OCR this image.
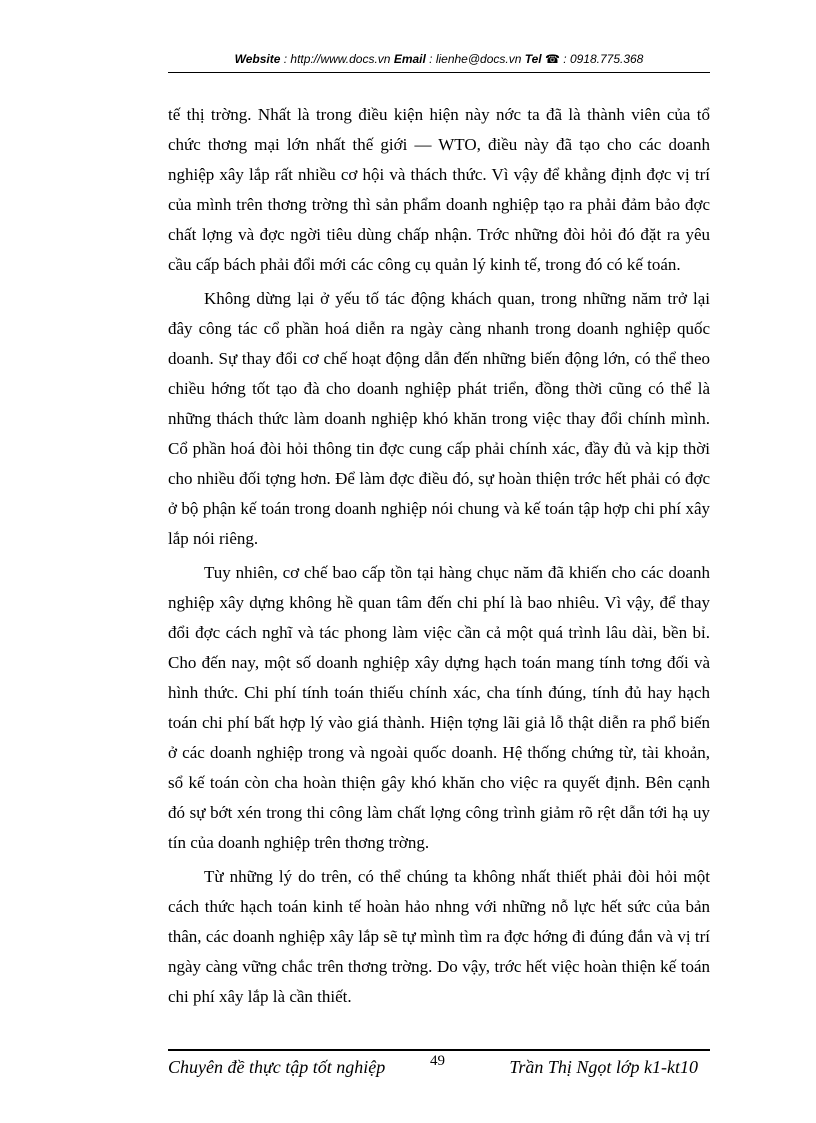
Website : http://www.docs.vn Email : lienhe@docs.vn Tel ☎ : 0918.775.368

tế thị trờng. Nhất là trong điều kiện hiện này nớc ta đã là thành viên của tổ chức thơng mại lớn nhất thế giới — WTO, điều này đã tạo cho các doanh nghiệp xây lắp rất nhiều cơ hội và thách thức. Vì vậy để khẳng định đợc vị trí của mình trên thơng trờng thì sản phẩm doanh nghiệp tạo ra phải đảm bảo đợc chất lợng và đợc ngời tiêu dùng chấp nhận. Trớc những đòi hỏi đó đặt ra yêu cầu cấp bách phải đổi mới các công cụ quản lý kinh tế, trong đó có kế toán.

Không dừng lại ở yếu tố tác động khách quan, trong những năm trở lại đây công tác cổ phần hoá diễn ra ngày càng nhanh trong doanh nghiệp quốc doanh. Sự thay đổi cơ chế hoạt động dẫn đến những biến động lớn, có thể theo chiều hớng tốt tạo đà cho doanh nghiệp phát triển, đồng thời cũng có thể là những thách thức làm doanh nghiệp khó khăn trong việc thay đổi chính mình. Cổ phần hoá đòi hỏi thông tin đợc cung cấp phải chính xác, đầy đủ và kịp thời cho nhiều đối tợng hơn. Để làm đợc điều đó, sự hoàn thiện trớc hết phải có đợc ở bộ phận kế toán trong doanh nghiệp nói chung và kế toán tập hợp chi phí xây lắp nói riêng.

Tuy nhiên, cơ chế bao cấp tồn tại hàng chục năm đã khiến cho các doanh nghiệp xây dựng không hề quan tâm đến chi phí là bao nhiêu. Vì vậy, để thay đổi đợc cách nghĩ và tác phong làm việc cần cả một quá trình lâu dài, bền bỉ. Cho đến nay, một số doanh nghiệp xây dựng hạch toán mang tính tơng đối và hình thức. Chi phí tính toán thiếu chính xác, cha tính đúng, tính đủ hay hạch toán chi phí bất hợp lý vào giá thành. Hiện tợng lãi giả lỗ thật diễn ra phổ biến ở các doanh nghiệp trong và ngoài quốc doanh. Hệ thống chứng từ, tài khoản, sổ kế toán còn cha hoàn thiện gây khó khăn cho việc ra quyết định. Bên cạnh đó sự bớt xén trong thi công làm chất lợng công trình giảm rõ rệt dẫn tới hạ uy tín của doanh nghiệp trên thơng trờng.

Từ những lý do trên, có thể chúng ta không nhất thiết phải đòi hỏi một cách thức hạch toán kinh tế hoàn hảo nhng với những nỗ lực hết sức của bản thân, các doanh nghiệp xây lắp sẽ tự mình tìm ra đợc hớng đi đúng đắn và vị trí ngày càng vững chắc trên thơng trờng. Do vậy, trớc hết việc hoàn thiện kế toán chi phí xây lắp là cần thiết.

Chuyên đề thực tập tốt nghiệp	49	Trần Thị Ngọt lớp k1-kt10
